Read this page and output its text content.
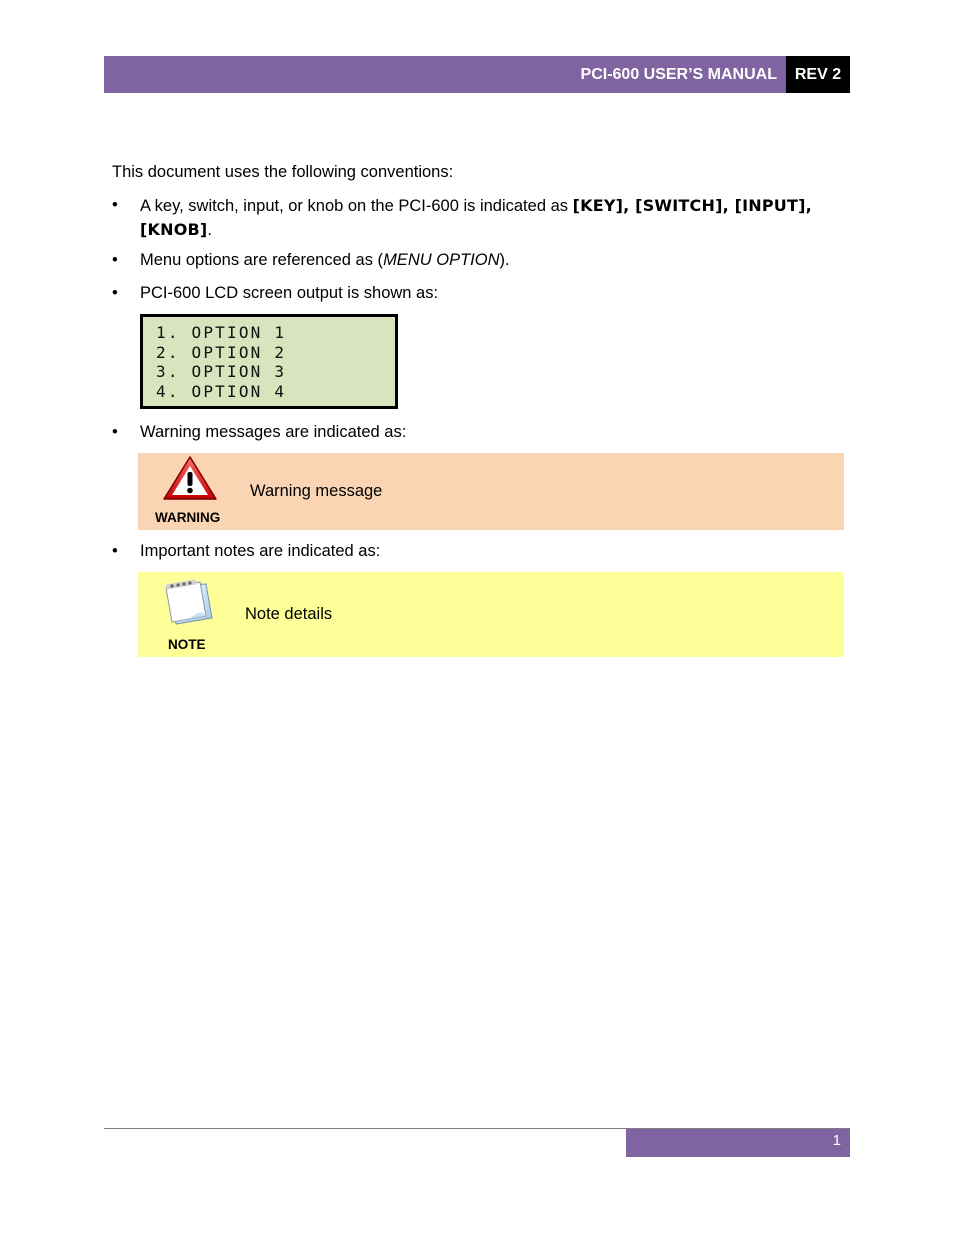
PCI-600 USER’S MANUAL	REV 2
This document uses the following conventions:
•	A key, switch, input, or knob on the PCI-600 is indicated as [KEY], [SWITCH], [INPUT],
[KNOB].
•	Menu options are referenced as (MENU OPTION).
•	PCI-600 LCD screen output is shown as:
1. OPTION 1
2. OPTION 2
3. OPTION 3
4. OPTION 4
•	Warning messages are indicated as:
WARNING
Warning message
•	Important notes are indicated as:
NOTE
Note details
1
